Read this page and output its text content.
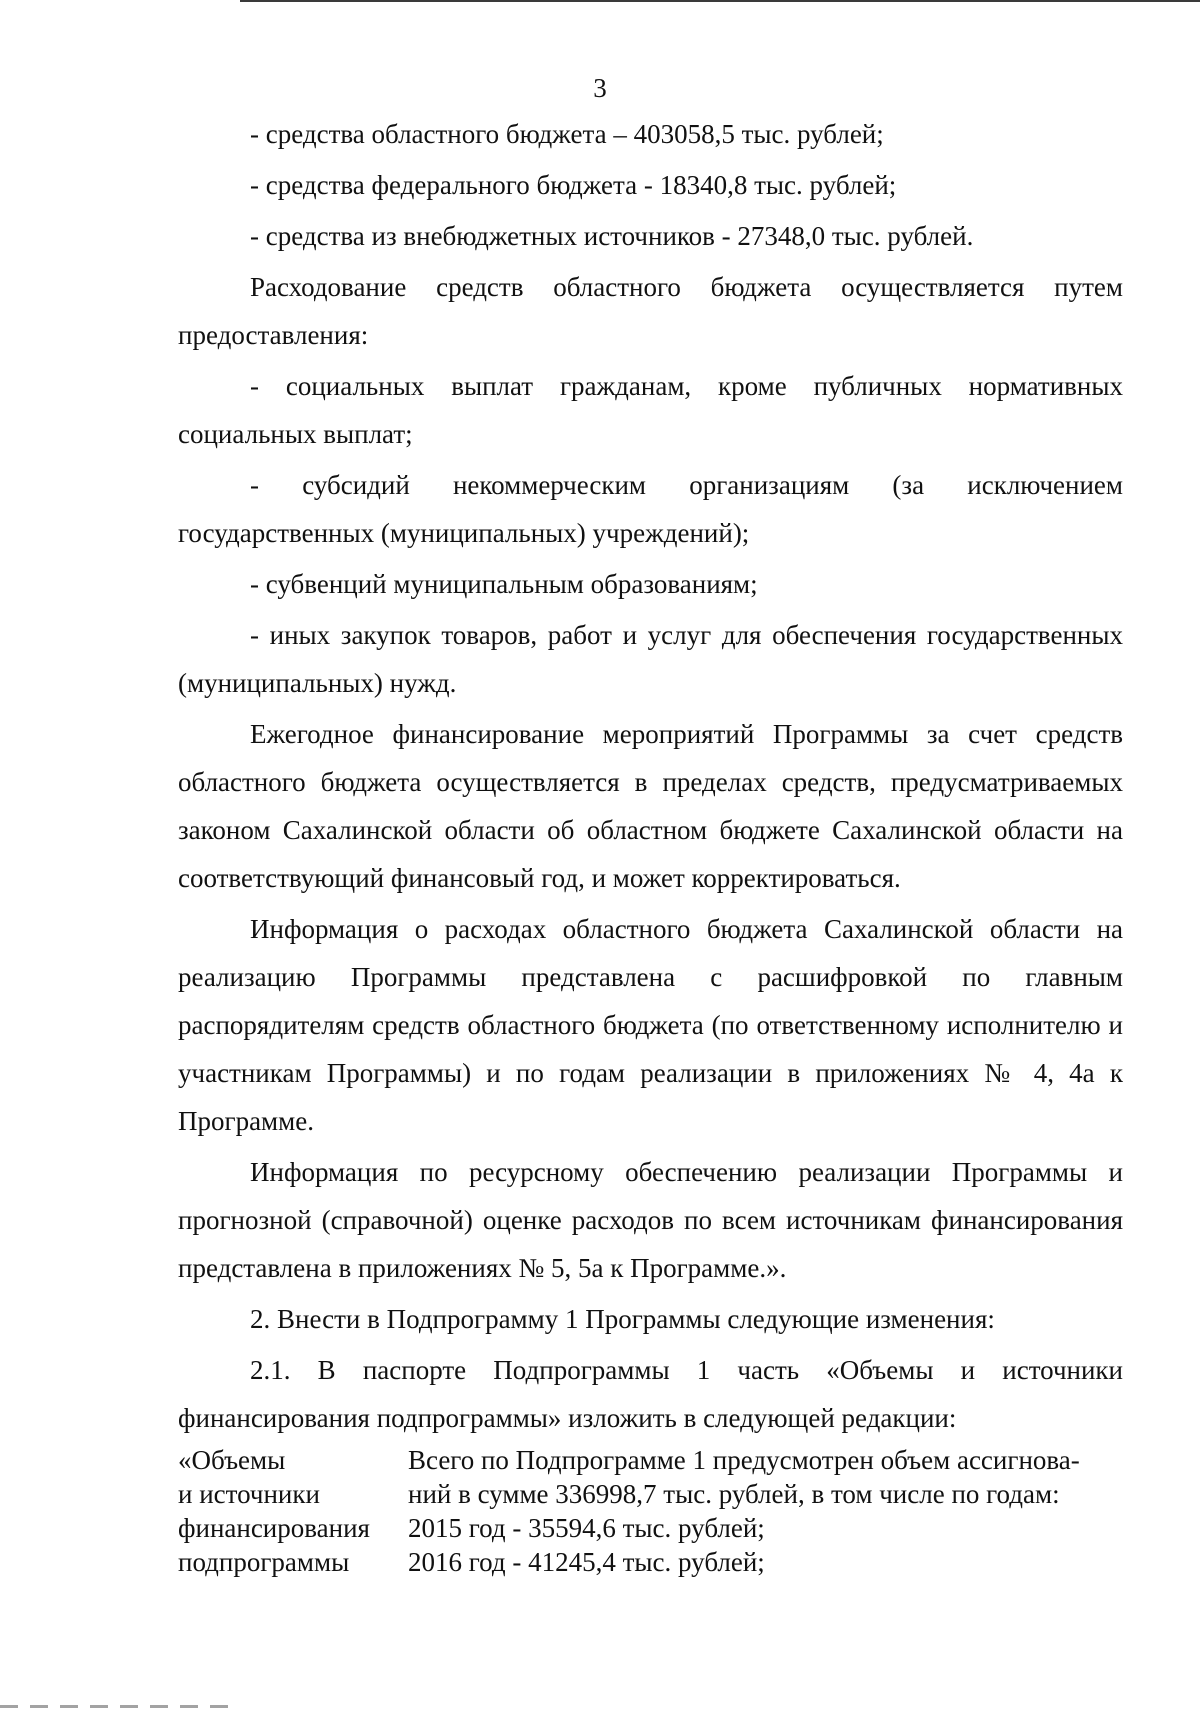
3

- средства областного бюджета – 403058,5 тыс. рублей;

- средства федерального бюджета - 18340,8 тыс. рублей;

- средства из внебюджетных источников - 27348,0 тыс. рублей.

Расходование средств областного бюджета осуществляется путем предоставления:

- социальных выплат гражданам, кроме публичных нормативных социальных выплат;

- субсидий некоммерческим организациям (за исключением государственных (муниципальных) учреждений);

- субвенций муниципальным образованиям;

- иных закупок товаров, работ и услуг для обеспечения государственных (муниципальных) нужд.

Ежегодное финансирование мероприятий Программы за счет средств областного бюджета осуществляется в пределах средств, предусматриваемых законом Сахалинской области об областном бюджете Сахалинской области на соответствующий финансовый год, и может корректироваться.

Информация о расходах областного бюджета Сахалинской области на реализацию Программы представлена с расшифровкой по главным распорядителям средств областного бюджета (по ответственному исполнителю и участникам Программы) и по годам реализации в приложениях № 4, 4а к Программе.

Информация по ресурсному обеспечению реализации Программы и прогнозной (справочной) оценке расходов по всем источникам финансирования представлена в приложениях № 5, 5а к Программе.».

2. Внести в Подпрограмму 1 Программы следующие изменения:

2.1. В паспорте Подпрограммы 1 часть «Объемы и источники финансирования подпрограммы» изложить в следующей редакции:

«Объемы
и источники
финансирования
подпрограммы
Всего по Подпрограмме 1 предусмотрен объем ассигнова-
ний в сумме 336998,7 тыс. рублей, в том числе по годам:
2015 год - 35594,6 тыс. рублей;
2016 год - 41245,4 тыс. рублей;
